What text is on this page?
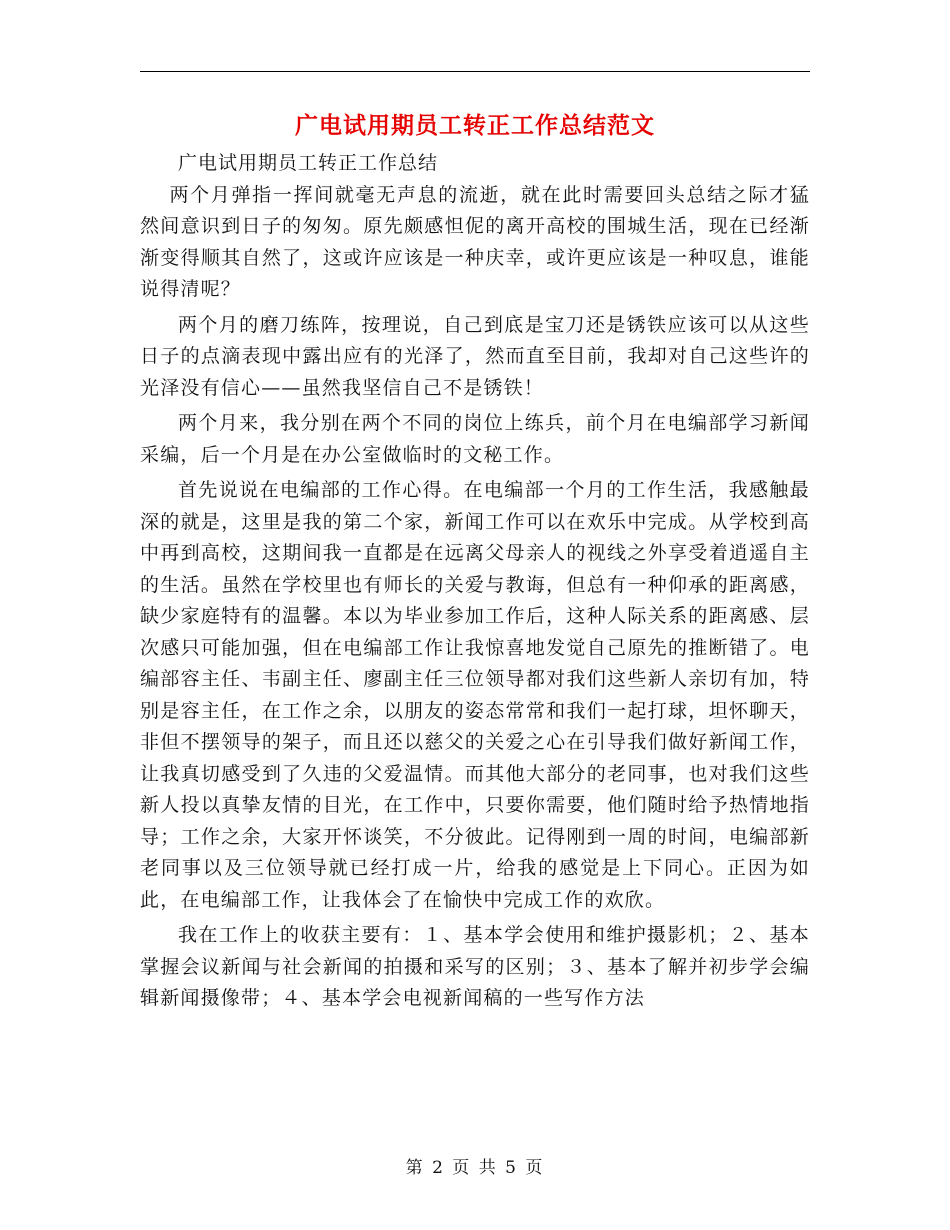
广电试用期员工转正工作总结范文

广电试用期员工转正工作总结

两个月弹指一挥间就毫无声息的流逝，就在此时需要回头总结之际才猛然间意识到日子的匆匆。原先颇感怛伲的离开高校的围城生活，现在已经渐渐变得顺其自然了，这或许应该是一种庆幸，或许更应该是一种叹息，谁能说得清呢？

两个月的磨刀练阵，按理说，自己到底是宝刀还是锈铁应该可以从这些日子的点滴表现中露出应有的光泽了，然而直至目前，我却对自己这些许的光泽没有信心——虽然我坚信自己不是锈铁！

两个月来，我分别在两个不同的岗位上练兵，前个月在电编部学习新闻采编，后一个月是在办公室做临时的文秘工作。

首先说说在电编部的工作心得。在电编部一个月的工作生活，我感触最深的就是，这里是我的第二个家，新闻工作可以在欢乐中完成。从学校到高中再到高校，这期间我一直都是在远离父母亲人的视线之外享受着逍遥自主的生活。虽然在学校里也有师长的关爱与教诲，但总有一种仰承的距离感，缺少家庭特有的温馨。本以为毕业参加工作后，这种人际关系的距离感、层次感只可能加强，但在电编部工作让我惊喜地发觉自己原先的推断错了。电编部容主任、韦副主任、廖副主任三位领导都对我们这些新人亲切有加，特别是容主任，在工作之余，以朋友的姿态常常和我们一起打球，坦怀聊天，非但不摆领导的架子，而且还以慈父的关爱之心在引导我们做好新闻工作，让我真切感受到了久违的父爱温情。而其他大部分的老同事，也对我们这些新人投以真挚友情的目光，在工作中，只要你需要，他们随时给予热情地指导；工作之余，大家开怀谈笑，不分彼此。记得刚到一周的时间，电编部新老同事以及三位领导就已经打成一片，给我的感觉是上下同心。正因为如此，在电编部工作，让我体会了在愉快中完成工作的欢欣。

我在工作上的收获主要有：１、基本学会使用和维护摄影机；２、基本掌握会议新闻与社会新闻的拍摄和采写的区别；３、基本了解并初步学会编辑新闻摄像带；４、基本学会电视新闻稿的一些写作方法

第 2 页 共 5 页
